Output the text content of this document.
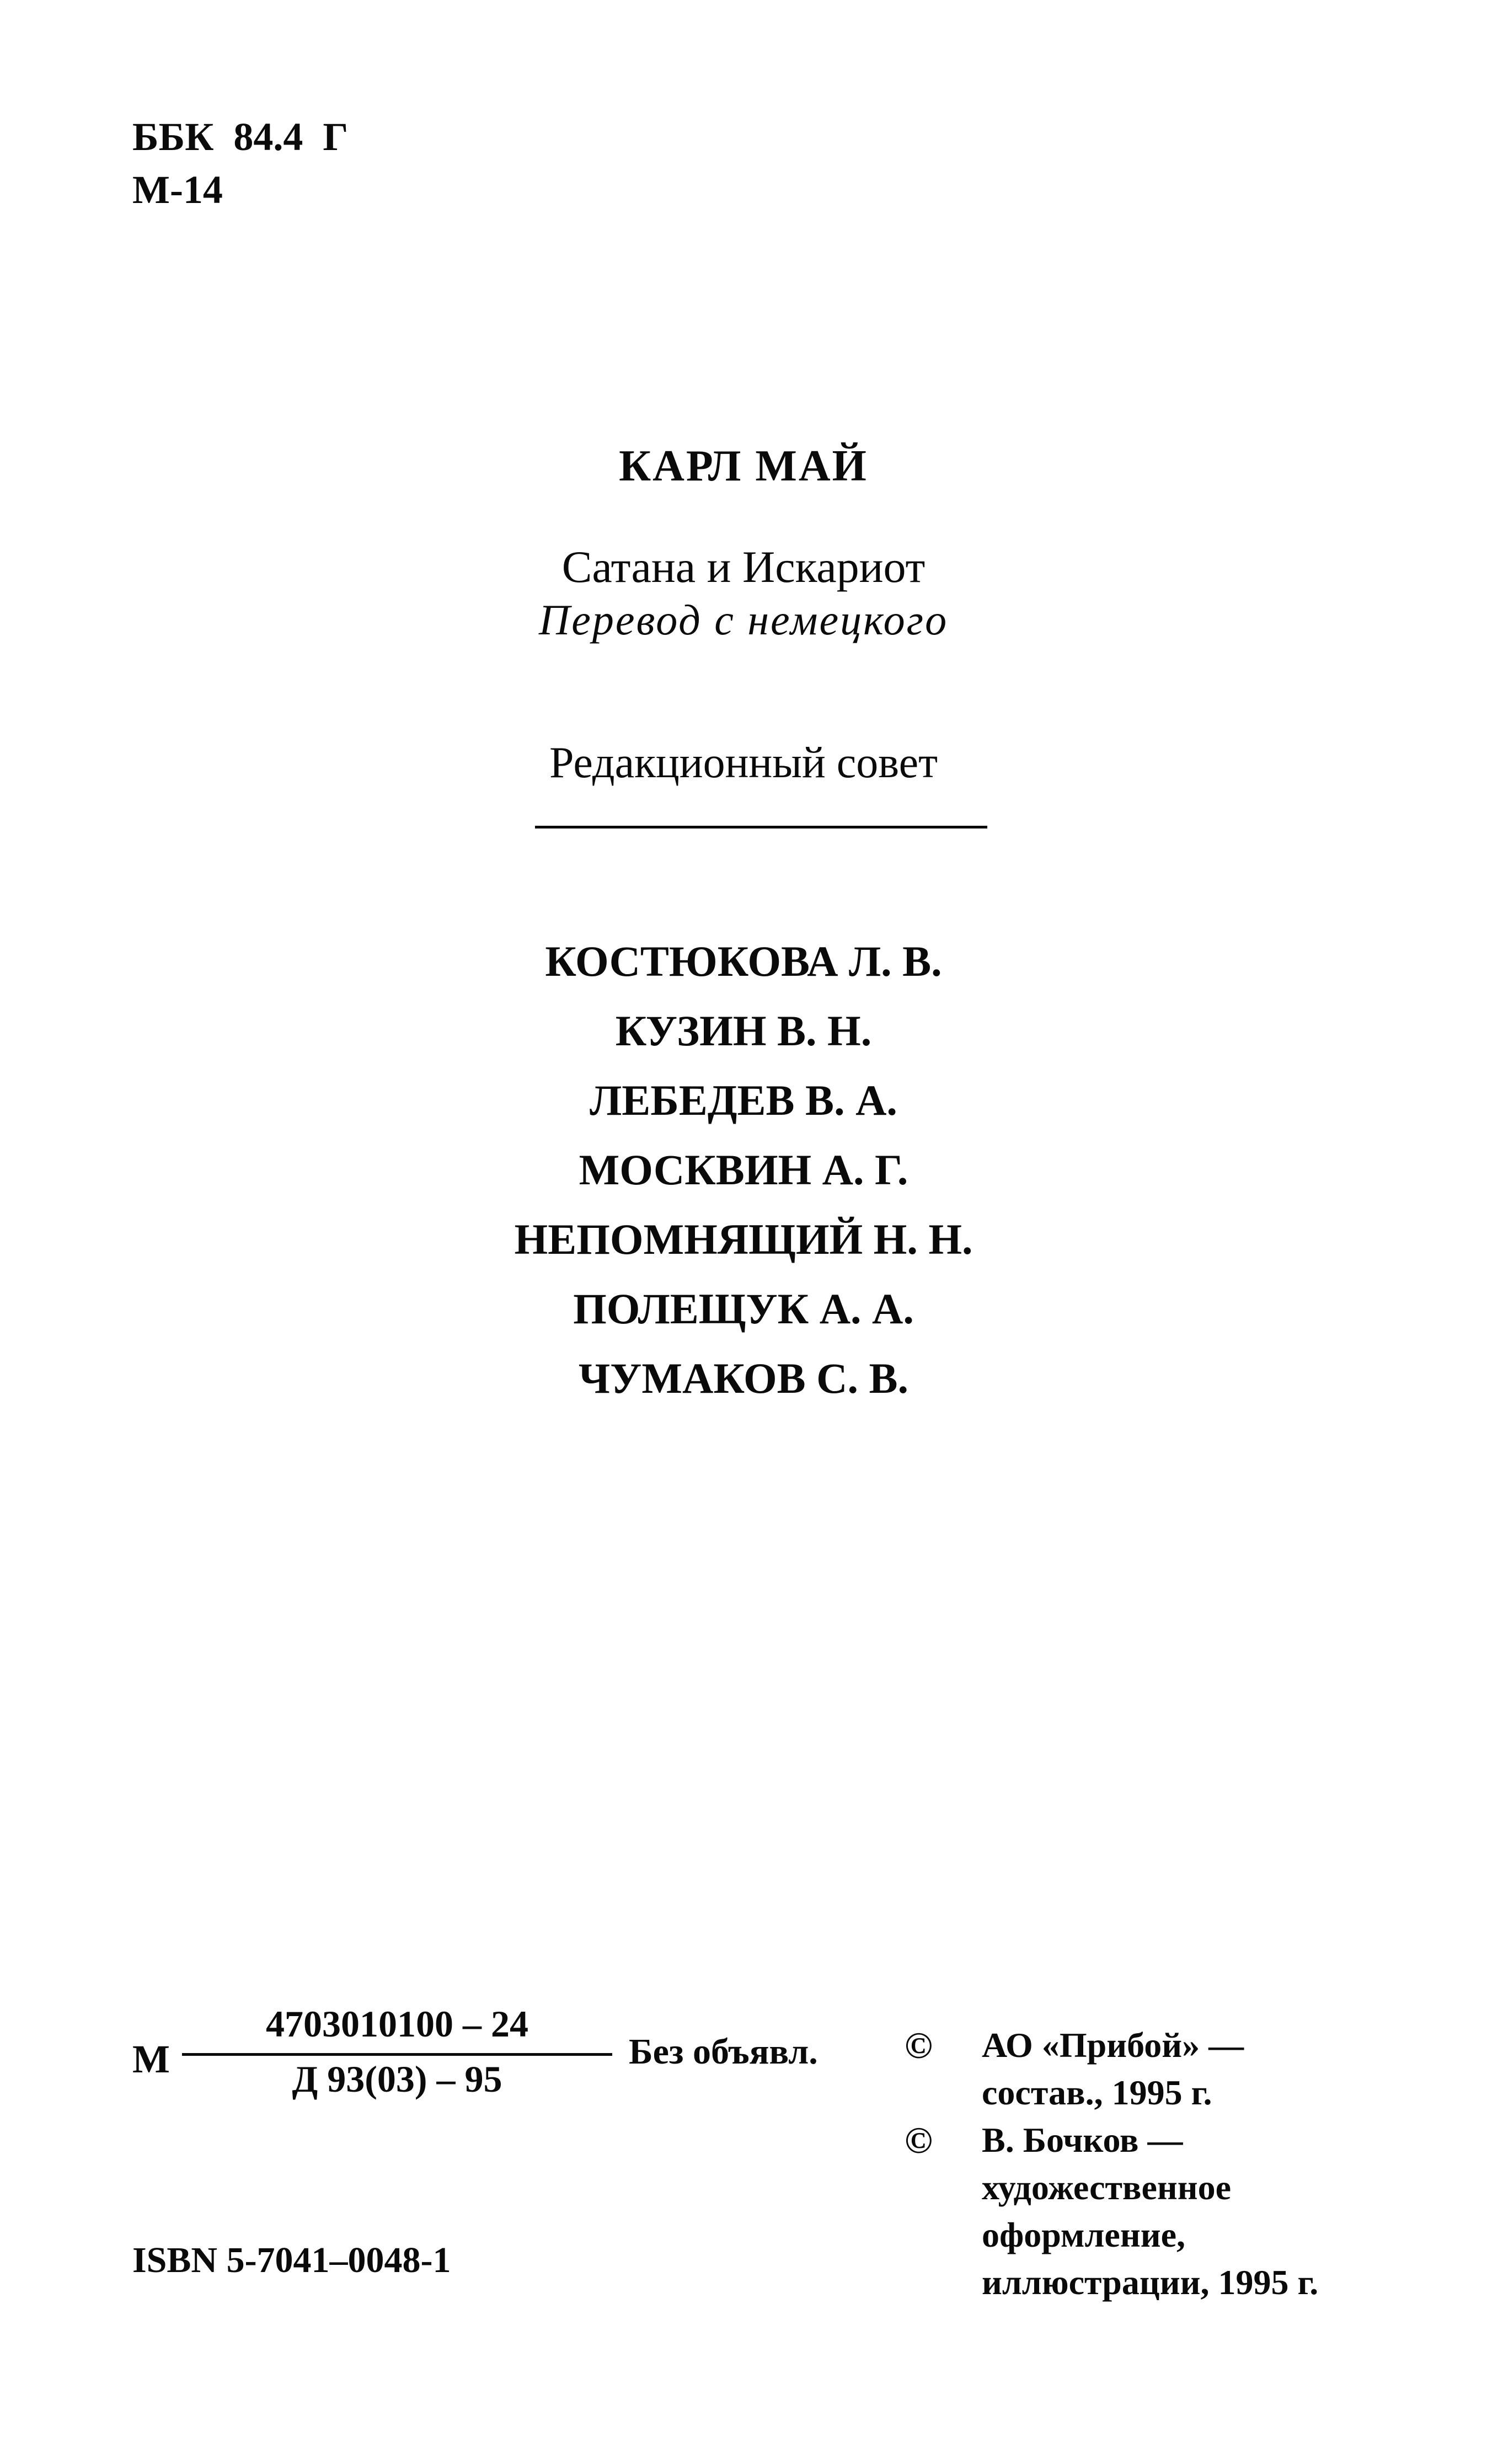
ББК  84.4  Г
М-14
КАРЛ МАЙ
Сатана и Искариот
Перевод с немецкого
Редакционный совет
КОСТЮКОВА Л. В.
КУЗИН В. Н.
ЛЕБЕДЕВ В. А.
МОСКВИН А. Г.
НЕПОМНЯЩИЙ Н. Н.
ПОЛЕЩУК А. А.
ЧУМАКОВ С. В.
М
4703010100 – 24
Д 93(03) – 95
Без объявл.
ISBN 5-7041–0048-1
© АО «Прибой» —
состав., 1995 г.
© В. Бочков —
художественное
оформление,
иллюстрации, 1995 г.
